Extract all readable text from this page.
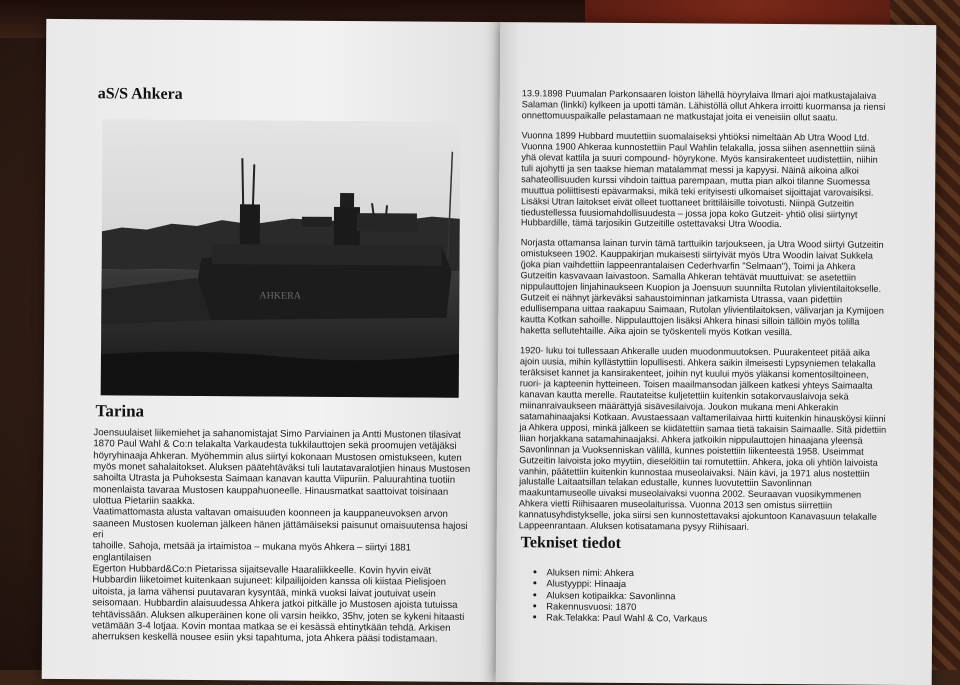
aS/S Ahkera
AHKERA
Tarina
Joensuulaiset liikemiehet ja sahanomistajat Simo Parviainen ja Antti Mustonen tilasivat
1870 Paul Wahl & Co:n telakalta Varkaudesta tukkilauttojen sekä proomujen vetäjäksi
höyryhinaaja Ahkeran. Myöhemmin alus siirtyi kokonaan Mustosen omistukseen, kuten
myös monet sahalaitokset. Aluksen päätehtäväksi tuli lautatavaralotjien hinaus Mustosen
sahoilta Utrasta ja Puhoksesta Saimaan kanavan kautta Viipuriin. Paluurahtina tuotiin
monenlaista tavaraa Mustosen kauppahuoneelle. Hinausmatkat saattoivat toisinaan
ulottua Pietariin saakka.
Vaatimattomasta alusta valtavan omaisuuden koonneen ja kauppaneuvoksen arvon
saaneen Mustosen kuoleman jälkeen hänen jättämäiseksi paisunut omaisuutensa hajosi eri
tahoille. Sahoja, metsää ja irtaimistoa – mukana myös Ahkera – siirtyi 1881 englantilaisen
Egerton Hubbard&Co:n Pietarissa sijaitsevalle Haaraliikkeelle. Kovin hyvin eivät
Hubbardin liiketoimet kuitenkaan sujuneet: kilpailijoiden kanssa oli kiistaa Pielisjoen
uitoista, ja lama vähensi puutavaran kysyntää, minkä vuoksi laivat joutuivat usein
seisomaan. Hubbardin alaisuudessa Ahkera jatkoi pitkälle jo Mustosen ajoista tutuissa
tehtävissään. Aluksen alkuperäinen kone oli varsin heikko, 35hv, joten se kykeni hitaasti
vetämään 3-4 lotjaa. Kovin montaa matkaa se ei kesässä ehtinytkään tehdä. Arkisen
aherruksen keskellä nousee esiin yksi tapahtuma, jota Ahkera pääsi todistamaan.
13.9.1898 Puumalan Parkonsaaren loiston lähellä höyrylaiva Ilmari ajoi matkustajalaiva
Salaman (linkki) kylkeen ja upotti tämän. Lähistöllä ollut Ahkera irroitti kuormansa ja riensi
onnettomuuspaikalle pelastamaan ne matkustajat joita ei veneisiin ollut saatu.
Vuonna 1899 Hubbard muutettiin suomalaiseksi yhtiöksi nimeltään Ab Utra Wood Ltd.
Vuonna 1900 Ahkeraa kunnostettiin Paul Wahlin telakalla, jossa siihen asennettiin siinä
yhä olevat kattila ja suuri compound- höyrykone. Myös kansirakenteet uudistettiin, niihin
tuli ajohytti ja sen taakse hieman matalammat messi ja kapyysi. Näinä aikoina alkoi
sahateollisuuden kurssi vihdoin taittua parempaan, mutta pian alkoi tilanne Suomessa
muuttua poliittisesti epävarmaksi, mikä teki erityisesti ulkomaiset sijoittajat varovaisiksi.
Lisäksi Utran laitokset eivät olleet tuottaneet brittiläisille toivotusti. Niinpä Gutzeitin
tiedustellessa fuusiomahdollisuudesta – jossa jopa koko Gutzeit- yhtiö olisi siirtynyt
Hubbardille, tämä tarjosikin Gutzeitille ostettavaksi Utra Woodia.
Norjasta ottamansa lainan turvin tämä tarttuikin tarjoukseen, ja Utra Wood siirtyi Gutzeitin
omistukseen 1902. Kauppakirjan mukaisesti siirtyivät myös Utra Woodin laivat Sukkela
(joka pian vaihdettiin lappeenrantalaisen Cederhvarfin "Selmaan"), Toimi ja Ahkera
Gutzeitin kasvavaan laivastoon. Samalla Ahkeran tehtävät muuttuivat: se asetettiin
nippulauttojen linjahinaukseen Kuopion ja Joensuun suunnilta Rutolan ylivientilaitokselle.
Gutzeit ei nähnyt järkeväksi sahaustoiminnan jatkamista Utrassa, vaan pidettiin
edullisempana uittaa raakapuu Saimaan, Rutolan ylivientilaitoksen, välivarjan ja Kymijoen
kautta Kotkan sahoille. Nippulauttojen lisäksi Ahkera hinasi silloin tällöin myös tolilla
haketta sellutehtaille. Aika ajoin se työskenteli myös Kotkan vesillä.
1920- luku toi tullessaan Ahkeralle uuden muodonmuutoksen. Puurakenteet pitää aika
ajoin uusia, mihin kyllästyttiin lopullisesti. Ahkera saikin ilmeisesti Lypsyniemen telakalla
teräksiset kannet ja kansirakenteet, joihin nyt kuului myös yläkansi komentosiltoineen,
ruori- ja kapteenin hytteineen. Toisen maailmansodan jälkeen katkesi yhteys Saimaalta
kanavan kautta merelle. Rautateitse kuljetettiin kuitenkin sotakorvauslaivoja sekä
miinanraivaukseen määrättyjä sisävesilaivoja. Joukon mukana meni Ahkerakin
satamahinaajaksi Kotkaan. Avustaessaan valtamerilaivaa hirtti kuitenkin hinausköysi kiinni
ja Ahkera upposi, minkä jälkeen se kiidätettiin samaa tietä takaisin Saimaalle. Sitä pidettiin
liian horjakkana satamahinaajaksi. Ahkera jatkoikin nippulauttojen hinaajana yleensä
Savonlinnan ja Vuoksenniskan välillä, kunnes poistettiin liikenteestä 1958. Useimmat
Gutzeitin laivoista joko myytiin, dieselöitiin tai romutettiin. Ahkera, joka oli yhtiön laivoista
vanhin, päätettiin kuitenkin kunnostaa museolaivaksi. Näin kävi, ja 1971 alus nostettiin
jalustalle Laitaatsillan telakan edustalle, kunnes luovutettiin Savonlinnan
maakuntamuseolle uivaksi museolaivaksi vuonna 2002. Seuraavan vuosikymmenen
Ahkera vietti Riihisaaren museolaiturissa. Vuonna 2013 sen omistus siirrettiin
kannatusyhdistykselle, joka siirsi sen kunnostettavaksi ajokuntoon Kanavasuun telakalle
Lappeenrantaan. Aluksen kotisatamana pysyy Riihisaari.
Tekniset tiedot
• Aluksen nimi: Ahkera
• Alustyyppi: Hinaaja
• Aluksen kotipaikka: Savonlinna
• Rakennusvuosi: 1870
• Rak.Telakka: Paul Wahl & Co, Varkaus
